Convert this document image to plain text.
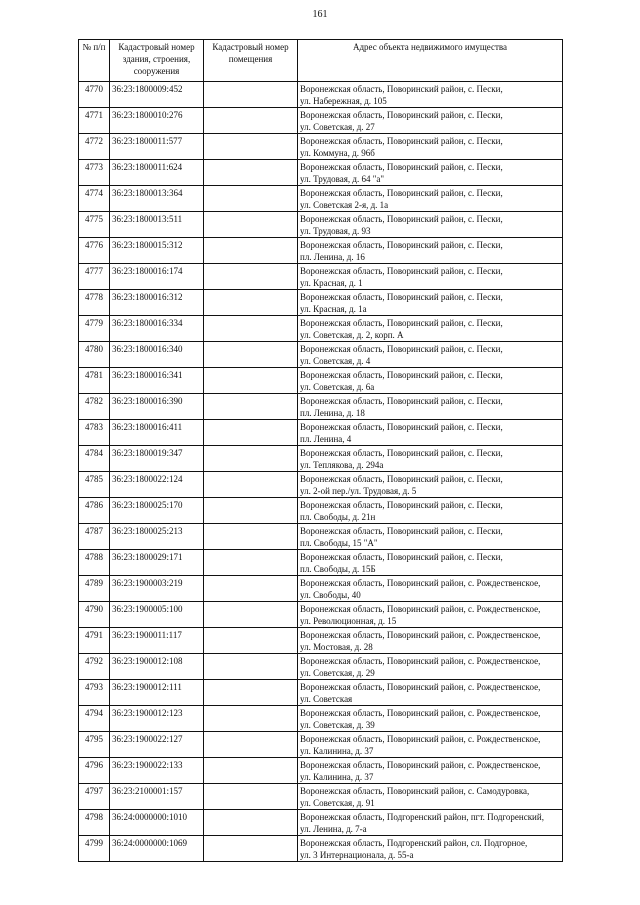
161
№ п/п	Кадастровый номер здания, строения, сооружения	Кадастровый номер помещения	Адрес объекта недвижимого имущества
4770	36:23:1800009:452		Воронежская область, Поворинский район, с. Пески,
ул. Набережная, д. 105

4771	36:23:1800010:276		Воронежская область, Поворинский район, с. Пески,
ул. Советская, д. 27

4772	36:23:1800011:577		Воронежская область, Поворинский район, с. Пески,
ул. Коммуна, д. 96б

4773	36:23:1800011:624		Воронежская область, Поворинский район, с. Пески,
ул. Трудовая, д. 64 "а"

4774	36:23:1800013:364		Воронежская область, Поворинский район, с. Пески,
ул. Советская 2-я, д. 1а

4775	36:23:1800013:511		Воронежская область, Поворинский район, с. Пески,
ул. Трудовая, д. 93

4776	36:23:1800015:312		Воронежская область, Поворинский район, с. Пески,
пл. Ленина, д. 16

4777	36:23:1800016:174		Воронежская область, Поворинский район, с. Пески,
ул. Красная, д. 1

4778	36:23:1800016:312		Воронежская область, Поворинский район, с. Пески,
ул. Красная, д. 1а

4779	36:23:1800016:334		Воронежская область, Поворинский район, с. Пески,
ул. Советская, д. 2, корп. А

4780	36:23:1800016:340		Воронежская область, Поворинский район, с. Пески,
ул. Советская, д. 4

4781	36:23:1800016:341		Воронежская область, Поворинский район, с. Пески,
ул. Советская, д. 6а

4782	36:23:1800016:390		Воронежская область, Поворинский район, с. Пески,
пл. Ленина, д. 18

4783	36:23:1800016:411		Воронежская область, Поворинский район, с. Пески,
пл. Ленина, 4

4784	36:23:1800019:347		Воронежская область, Поворинский район, с. Пески,
ул. Теплякова, д. 294а

4785	36:23:1800022:124		Воронежская область, Поворинский район, с. Пески,
ул. 2-ой пер./ул. Трудовая, д. 5

4786	36:23:1800025:170		Воронежская область, Поворинский район, с. Пески,
пл. Свободы, д. 21н

4787	36:23:1800025:213		Воронежская область, Поворинский район, с. Пески,
пл. Свободы, 15 "А"

4788	36:23:1800029:171		Воронежская область, Поворинский район, с. Пески,
пл. Свободы, д. 15Б

4789	36:23:1900003:219		Воронежская область, Поворинский район, с. Рождественское,
ул. Свободы, 40

4790	36:23:1900005:100		Воронежская область, Поворинский район, с. Рождественское,
ул. Революционная, д. 15

4791	36:23:1900011:117		Воронежская область, Поворинский район, с. Рождественское,
ул. Мостовая, д. 28

4792	36:23:1900012:108		Воронежская область, Поворинский район, с. Рождественское,
ул. Советская, д. 29

4793	36:23:1900012:111		Воронежская область, Поворинский район, с. Рождественское,
ул. Советская

4794	36:23:1900012:123		Воронежская область, Поворинский район, с. Рождественское,
ул. Советская, д. 39

4795	36:23:1900022:127		Воронежская область, Поворинский район, с. Рождественское,
ул. Калинина, д. 37

4796	36:23:1900022:133		Воронежская область, Поворинский район, с. Рождественское,
ул. Калинина, д. 37

4797	36:23:2100001:157		Воронежская область, Поворинский район, с. Самодуровка,
ул. Советская, д. 91

4798	36:24:0000000:1010		Воронежская область, Подгоренский район, пгт. Подгоренский,
ул. Ленина, д. 7-а

4799	36:24:0000000:1069		Воронежская область, Подгоренский район, сл. Подгорное,
ул. 3 Интернационала, д. 55-а
